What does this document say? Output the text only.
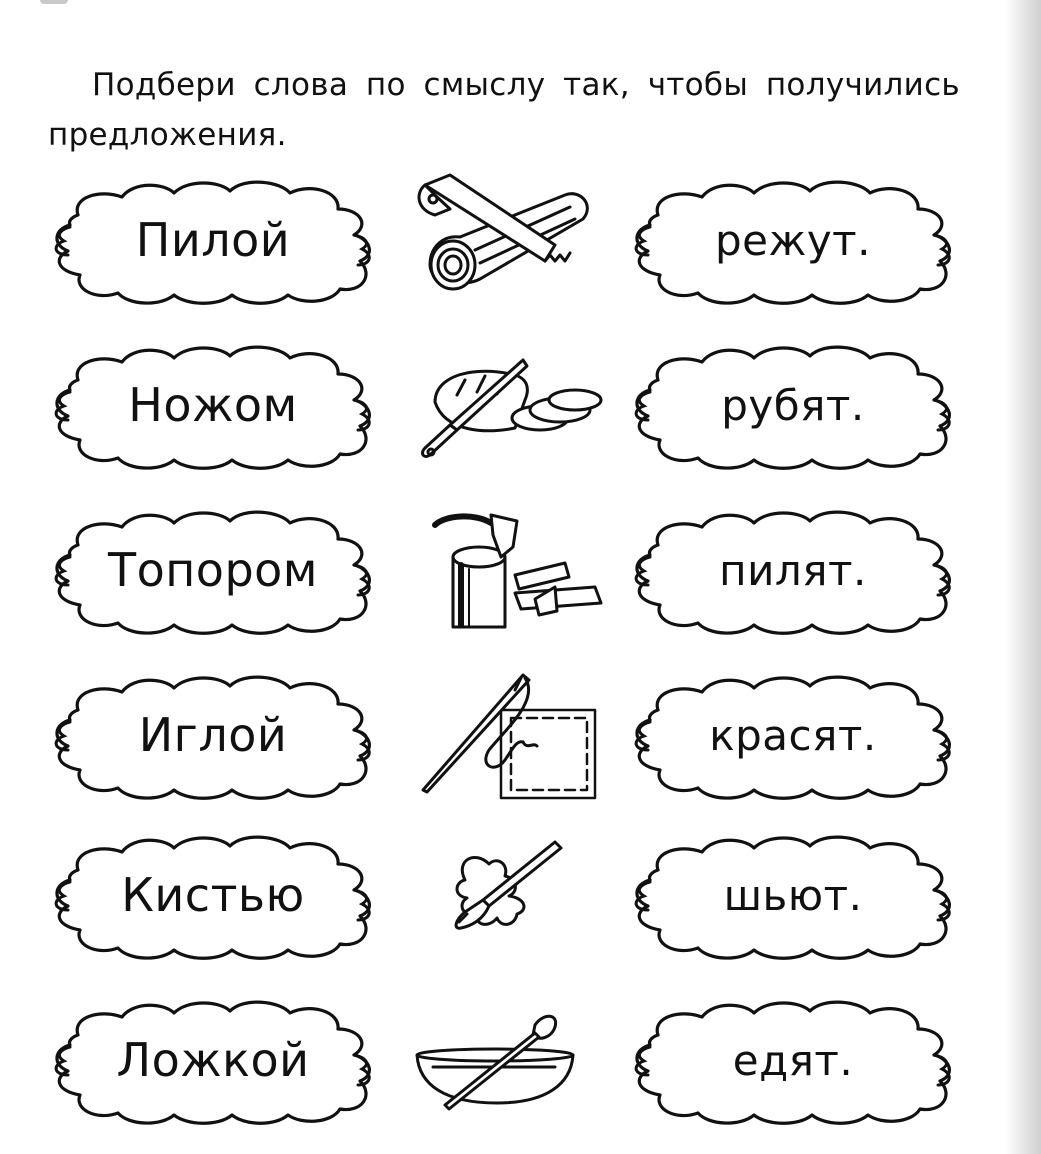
Подбери слова по смыслу так, чтобы получились предложения.
Пилой	режут.
Ножом	рубят.
Топором	пилят.
Иглой	красят.
Кистью	шьют.
Ложкой	едят.
